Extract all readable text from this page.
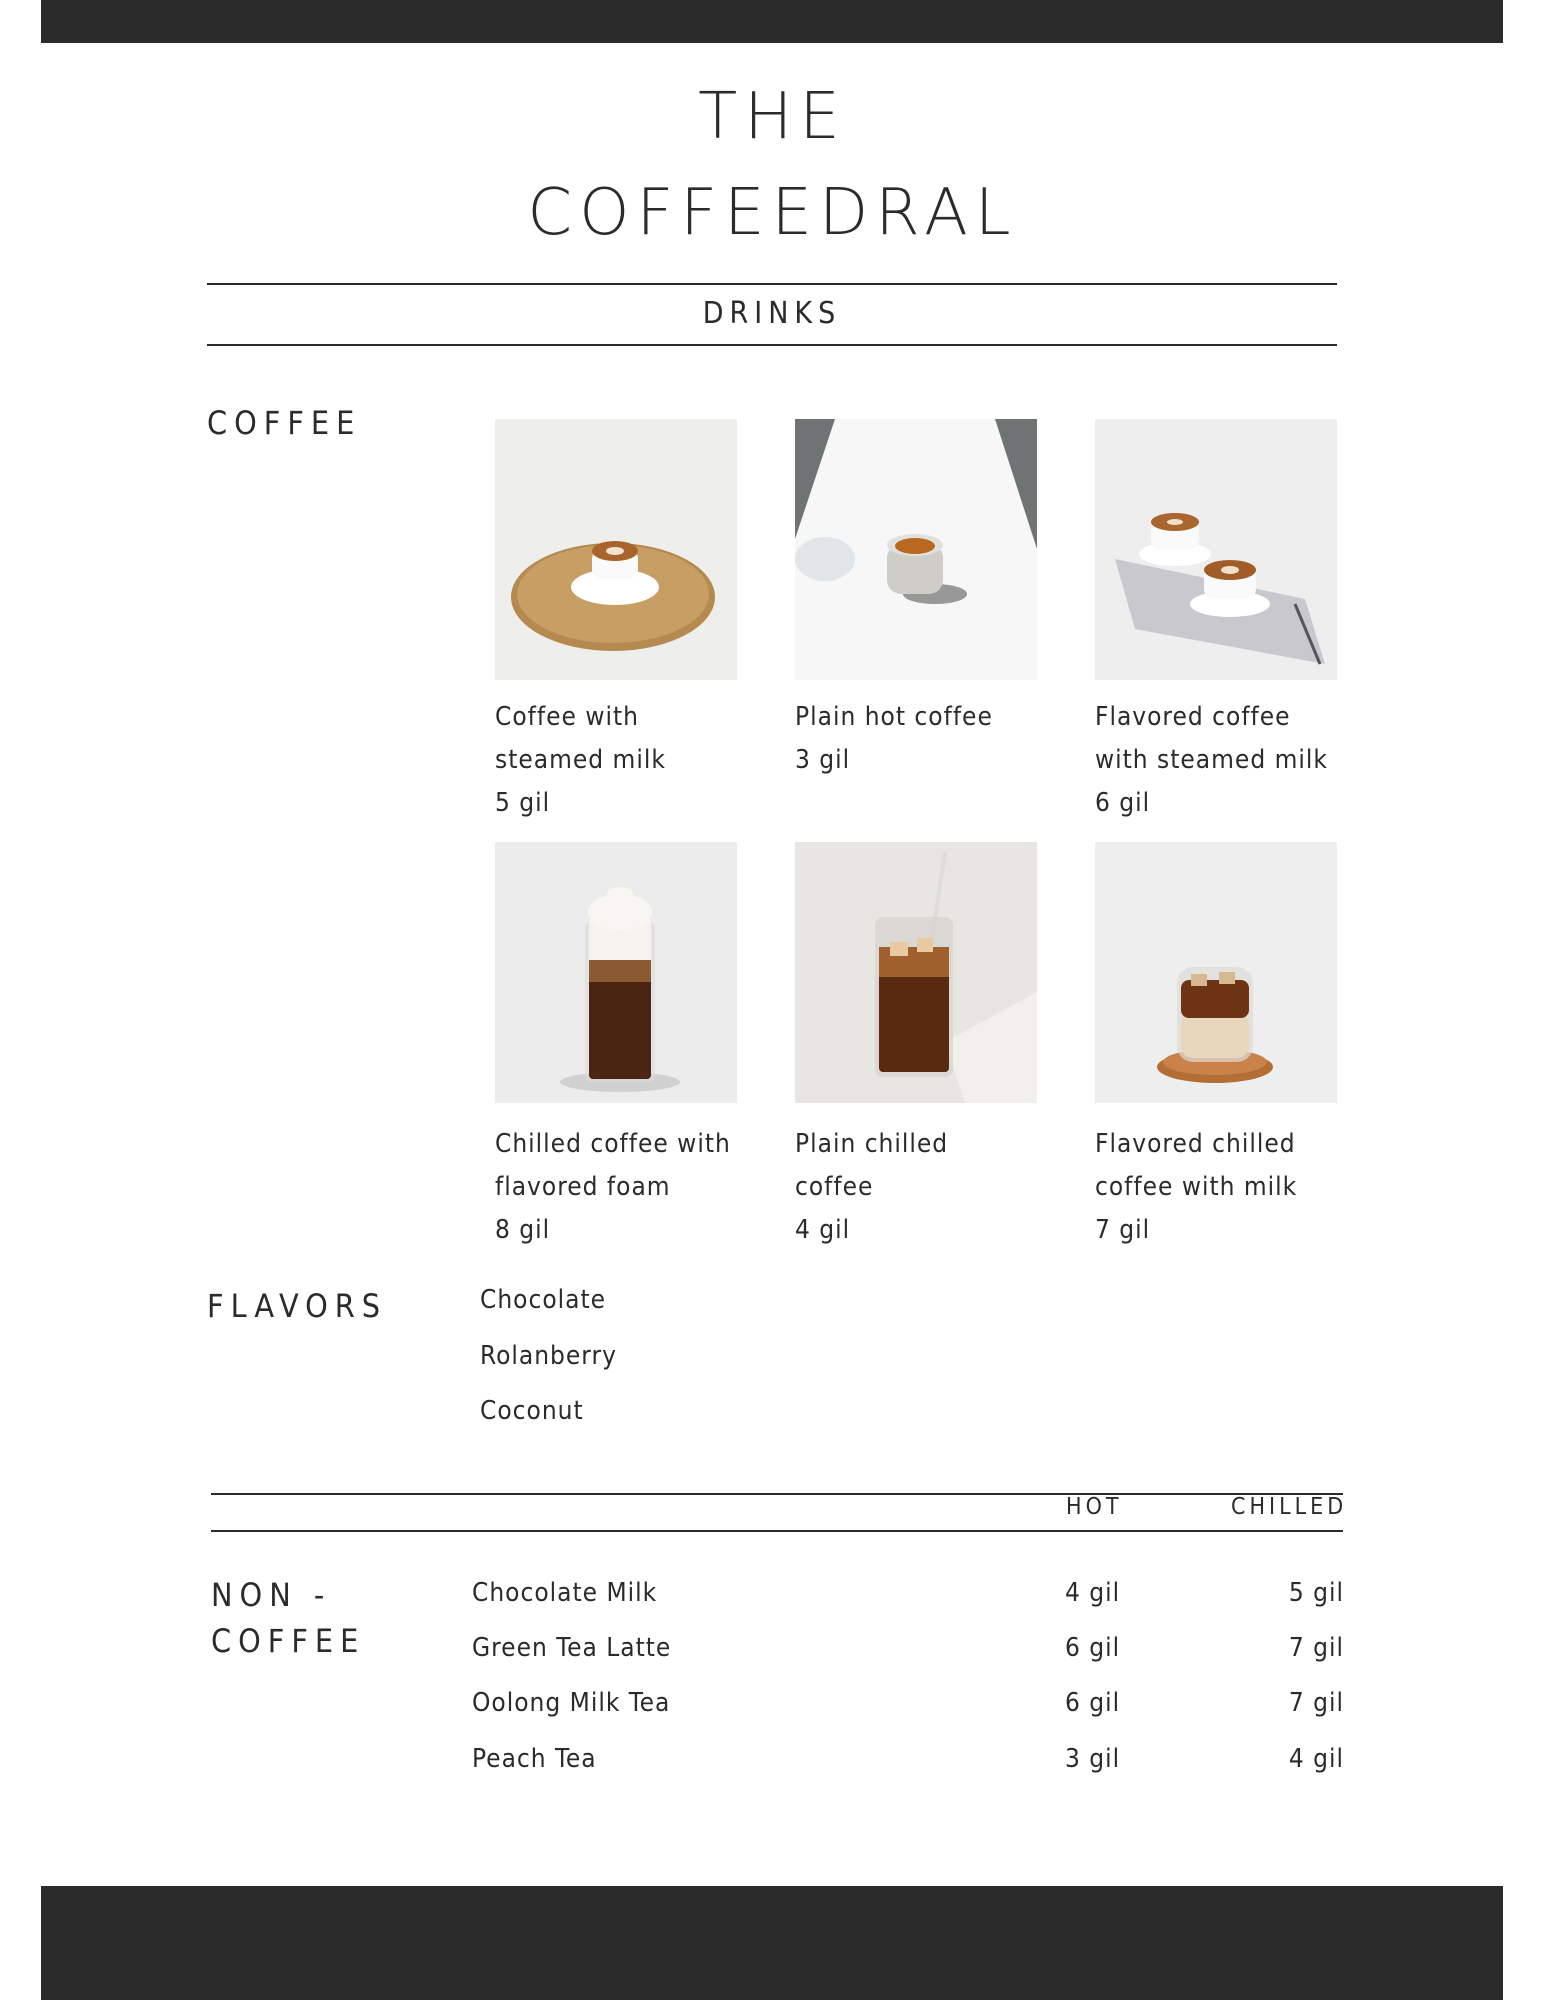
THE
COFFEEDRAL
DRINKS
COFFEE
Coffee with
steamed milk
5 gil
Plain hot coffee
3 gil
Flavored coffee
with steamed milk
6 gil
Chilled coffee with
flavored foam
8 gil
Plain chilled
coffee
4 gil
Flavored chilled
coffee with milk
7 gil
FLAVORS	Chocolate
Rolanberry
Coconut
HOT	CHILLED
NON -
COFFEE
Chocolate Milk	4 gil	5 gil
Green Tea Latte	6 gil	7 gil
Oolong Milk Tea	6 gil	7 gil
Peach Tea	3 gil	4 gil
